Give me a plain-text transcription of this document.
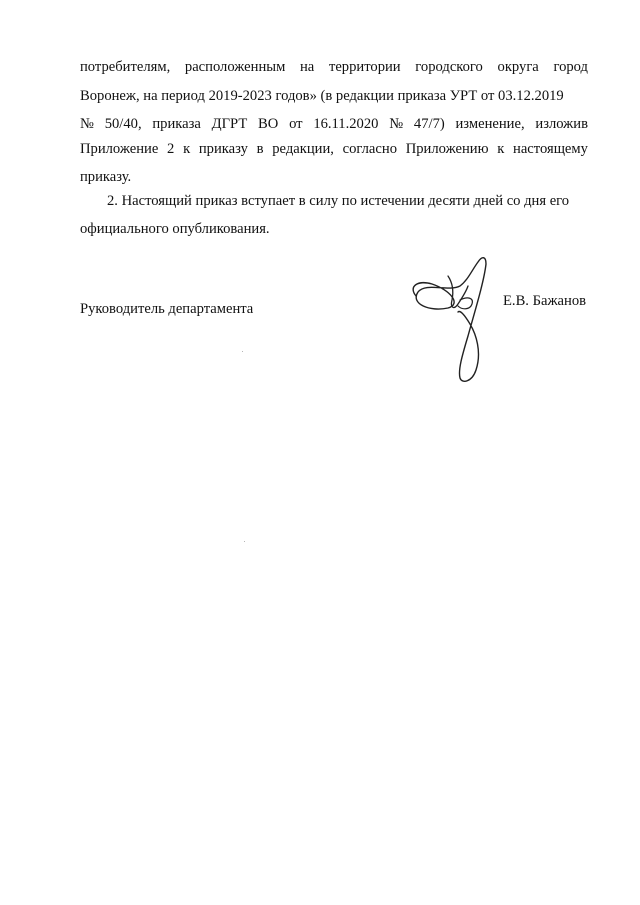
потребителям, расположенным на территории городского округа город
Воронеж, на период 2019-2023 годов» (в редакции приказа УРТ от 03.12.2019
№ 50/40, приказа ДГРТ ВО от 16.11.2020 № 47/7) изменение, изложив
Приложение 2 к приказу в редакции, согласно Приложению к настоящему
приказу.
2. Настоящий приказ вступает в силу по истечении десяти дней со дня его
официального опубликования.
Руководитель департамента	Е.В. Бажанов
